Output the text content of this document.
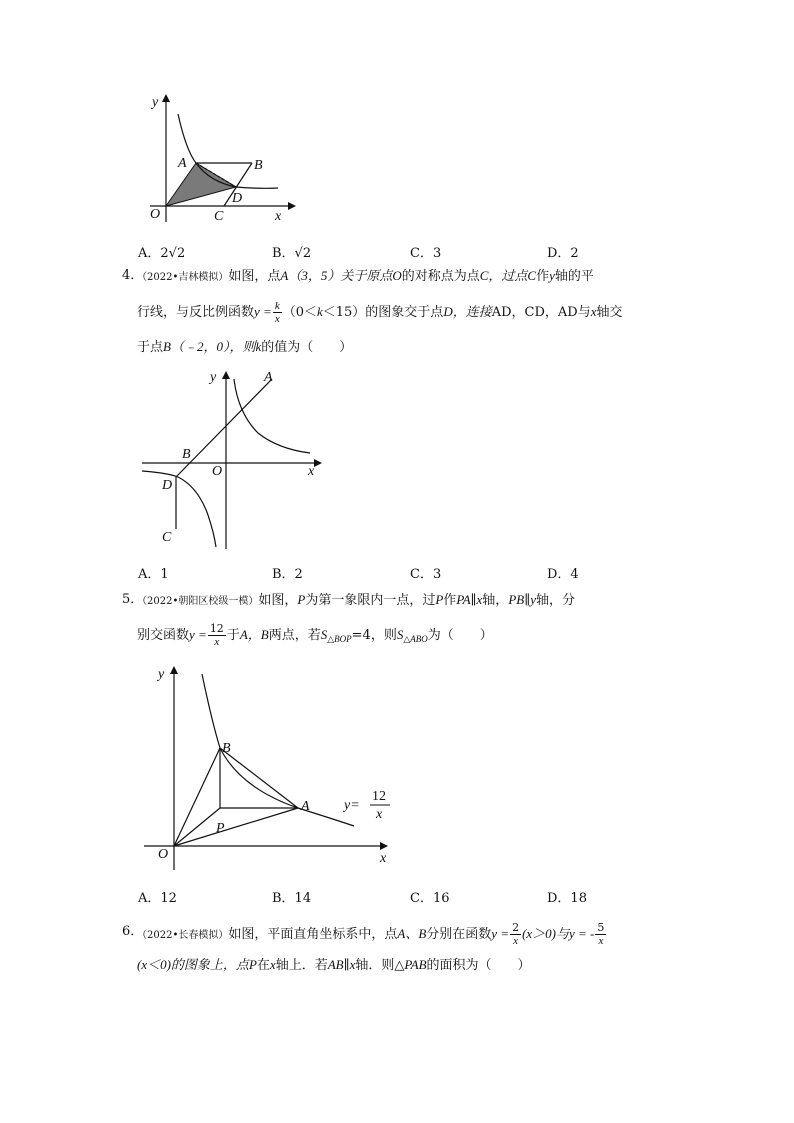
y
x
O
A	B
C
D
A．2√2	B．√2	C．3	D．2
4．
（2022•吉林模拟）如图，点A（3，5）关于原点O的对称点为点C，过点C作y轴的平
行线，与反比例函数$y = \frac{k}{x} (0<k<15)$的图象交于点D，连接AD，CD，AD与x轴交
于点B（﹣2，0），则k的值为（　　）
y	A
B
O	x
D
C
A．1	B．2	C．3	D．4
5．
（2022•朝阳区校级一模）如图，P为第一象限内一点，过P作PA∥x轴，PB∥y轴，分
别交函数$y = \frac{12}{x}$ 于A，B两点，若$S_{\triangle BOP}=4$，则$S_{\triangle ABO}$为（　　）
y
B
A
P
O	x
y=
12
x
A．12	B．14	C．16	D．18
6．
（2022•长春模拟）如图，平面直角坐标系中，点A、B分别在函数$y = \frac{2}{x} (x>0)$与y = - $\frac{5}{x}$
(x＜0)的图象上，点P在x轴上．若AB∥x轴．则△PAB的面积为（　　）
